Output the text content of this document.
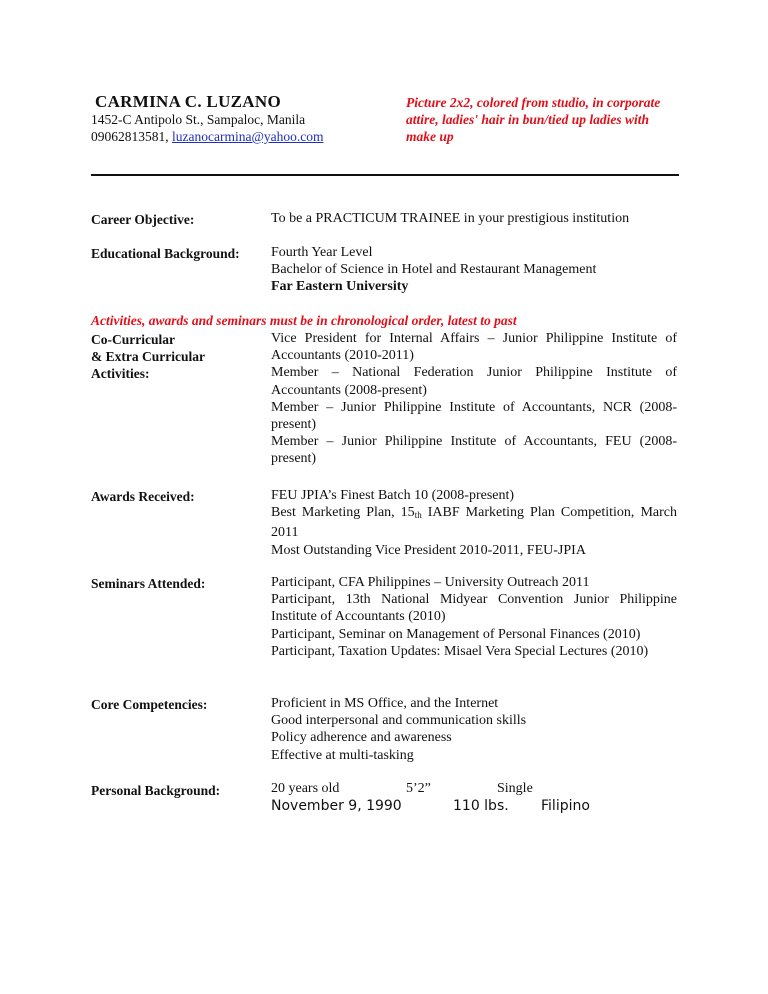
CARMINA C. LUZANO
1452-C Antipolo St., Sampaloc, Manila
09062813581, luzanocarmina@yahoo.com
Picture 2x2, colored from studio, in corporate attire, ladies' hair in bun/tied up ladies with make up
Career Objective:	To be a PRACTICUM TRAINEE in your prestigious institution
Educational Background: Fourth Year Level

Bachelor of Science in Hotel and Restaurant Management

Far Eastern University

Activities, awards and seminars must be in chronological order, latest to past
Co-Curricular
& Extra Curricular
Activities:

Vice President for Internal Affairs – Junior Philippine Institute of Accountants (2010-2011)

Member – National Federation Junior Philippine Institute of Accountants (2008-present)

Member – Junior Philippine Institute of Accountants, NCR (2008-present)

Member – Junior Philippine Institute of Accountants, FEU (2008-present)

Awards Received:	FEU JPIA’s Finest Batch 10 (2008-present)

Best Marketing Plan, $15_{th}$ IABF Marketing Plan Competition, March 2011

Most Outstanding Vice President 2010-2011, FEU-JPIA

Seminars Attended:	Participant, CFA Philippines – University Outreach 2011

Participant, 13th National Midyear Convention Junior Philippine Institute of Accountants (2010)

Participant, Seminar on Management of Personal Finances (2010)

Participant, Taxation Updates: Misael Vera Special Lectures (2010)

Core Competencies:	Proficient in MS Office, and the Internet

Good interpersonal and communication skills

Policy adherence and awareness

Effective at multi-tasking

Personal Background:	20 years old	5’2”	Single
November 9, 1990	110 lbs. Filipino
